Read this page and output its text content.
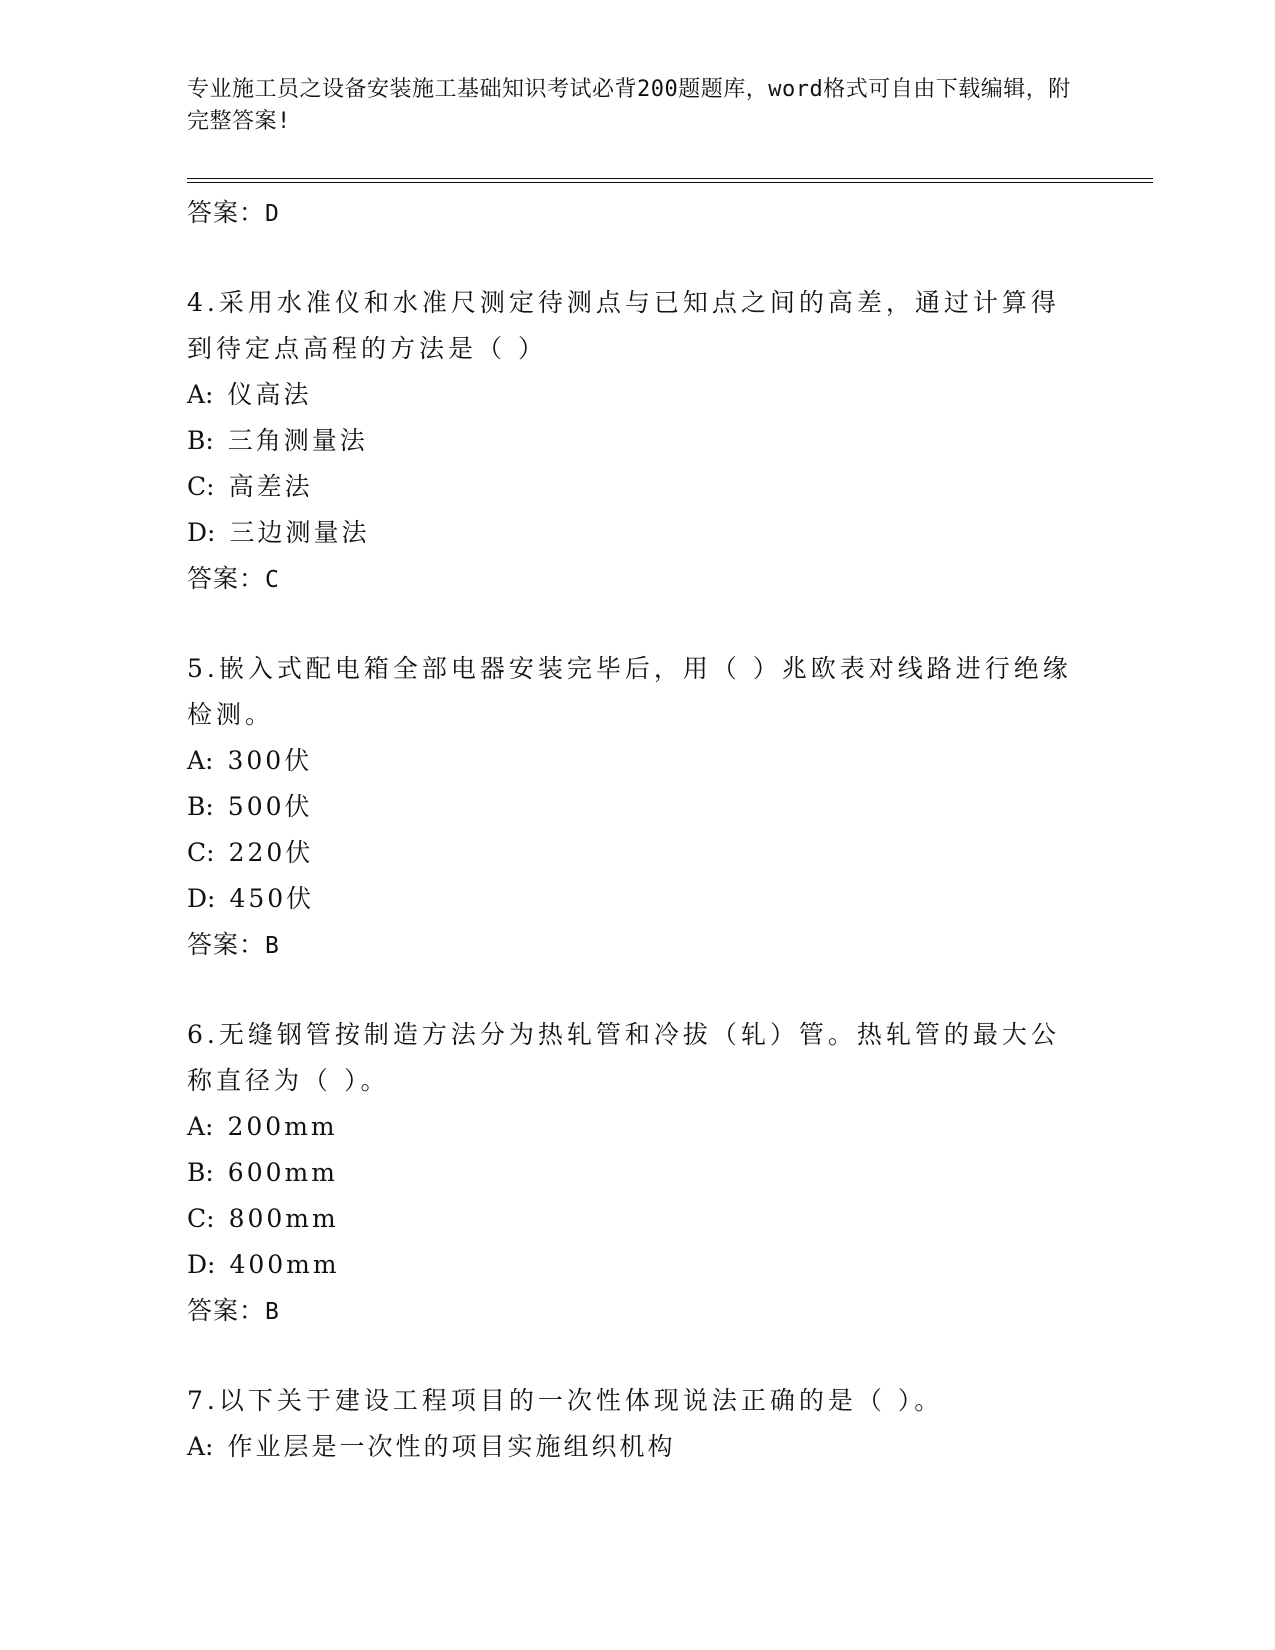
专业施工员之设备安装施工基础知识考试必背200题题库，word格式可自由下载编辑，附完整答案!
答案：D
4.采用水准仪和水准尺测定待测点与已知点之间的高差，通过计算得到待定点高程的方法是（ ）
A: 仪高法
B: 三角测量法
C: 高差法
D: 三边测量法
答案：C
5.嵌入式配电箱全部电器安装完毕后，用（ ）兆欧表对线路进行绝缘检测。
A: 300伏
B: 500伏
C: 220伏
D: 450伏
答案：B
6.无缝钢管按制造方法分为热轧管和冷拔（轧）管。热轧管的最大公称直径为（ ）。
A: 200mm
B: 600mm
C: 800mm
D: 400mm
答案：B
7.以下关于建设工程项目的一次性体现说法正确的是（ ）。
A: 作业层是一次性的项目实施组织机构
